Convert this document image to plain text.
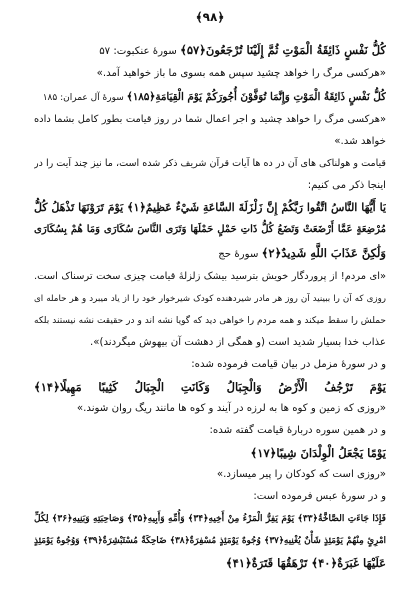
﴿۹۸﴾

كُلُّ نَفْسٍ ذَائِقَةُ الْمَوْتِ ثُمَّ إِلَيْنَا تُرْجَعُونَ﴿۵۷﴾ سورهٔ عنکبوت: ۵۷

«هرکسی مرگ را خواهد چشید سپس همه بسوی ما باز خواهید آمد.»

كُلُّ نَفْسٍ ذَائِقَةُ الْمَوْتِ وَإِنَّمَا تُوَفَّوْنَ أُجُورَكُمْ يَوْمَ الْقِيَامَةِ﴿۱۸۵﴾ سورهٔ آل عمران: ۱۸۵

«هرکسی مرگ را خواهد چشید و اجر اعمال شما در روز قیامت بطور کامل بشما داده

خواهد شد.»

قیامت و هولناکی های آن در ده ها آیات قرآن شریف ذکر شده است، ما نیز چند آیت را در

اینجا ذکر می کنیم:

يَا أَيُّهَا النَّاسُ اتَّقُوا رَبَّكُمْ إِنَّ زَلْزَلَةَ السَّاعَةِ شَيْءٌ عَظِيمٌ﴿۱﴾ يَوْمَ تَرَوْنَهَا تَذْهَلُ كُلُّ

مُرْضِعَةٍ عَمَّا أَرْضَعَتْ وَتَضَعُ كُلُّ ذَاتِ حَمْلٍ حَمْلَهَا وَتَرَى النَّاسَ سُكَارَى وَمَا هُمْ بِسُكَارَى

وَلَٰكِنَّ عَذَابَ اللَّهِ شَدِيدٌ﴿۲﴾ سورهٔ حج

«ای مردم! از پروردگار خویش بترسید بیشک زلزلهٔ قیامت چیزی سخت ترسناک است.

روزی که آن را ببینید آن روز هر مادر شیردهنده کودک شیرخوار خود را از یاد میبرد و هر حامله ای

حملش را سقط میکند و همه مردم را خواهی دید که گویا نشه اند و در حقیقت نشه نیستند بلکه

عذاب خدا بسیار شدید است (و همگی از دهشت آن بیهوش میگردند)».

و در سورهٔ مزمل در بیان قیامت فرموده شده:

يَوْمَ تَرْجُفُ الْأَرْضُ وَالْجِبَالُ وَكَانَتِ الْجِبَالُ كَثِيبًا مَهِيلًا﴿۱۴﴾

«روزی که زمین و کوه ها به لرزه در آیند و کوه ها مانند ریگ روان شوند.»

و در همین سوره دربارهٔ قیامت گفته شده:

يَوْمًا يَجْعَلُ الْوِلْدَانَ شِيبًا﴿۱۷﴾

«روزی است که کودکان را پیر میسازد.»

و در سورهٔ عبس فرموده است:

فَإِذَا جَاءَتِ الصَّاخَّةُ﴿۳۳﴾ يَوْمَ يَفِرُّ الْمَرْءُ مِنْ أَخِيهِ﴿۳۴﴾ وَأُمِّهِ وَأَبِيهِ﴿۳۵﴾ وَصَاحِبَتِهِ وَبَنِيهِ﴿۳۶﴾ لِكُلِّ

امْرِئٍ مِنْهُمْ يَوْمَئِذٍ شَأْنٌ يُغْنِيهِ﴿۳۷﴾ وُجُوهٌ يَوْمَئِذٍ مُسْفِرَةٌ﴿۳۸﴾ ضَاحِكَةٌ مُسْتَبْشِرَةٌ﴿۳۹﴾ وَوُجُوهٌ يَوْمَئِذٍ

عَلَيْهَا غَبَرَةٌ﴿۴۰﴾ تَرْهَقُهَا قَتَرَةٌ﴿۴۱﴾
